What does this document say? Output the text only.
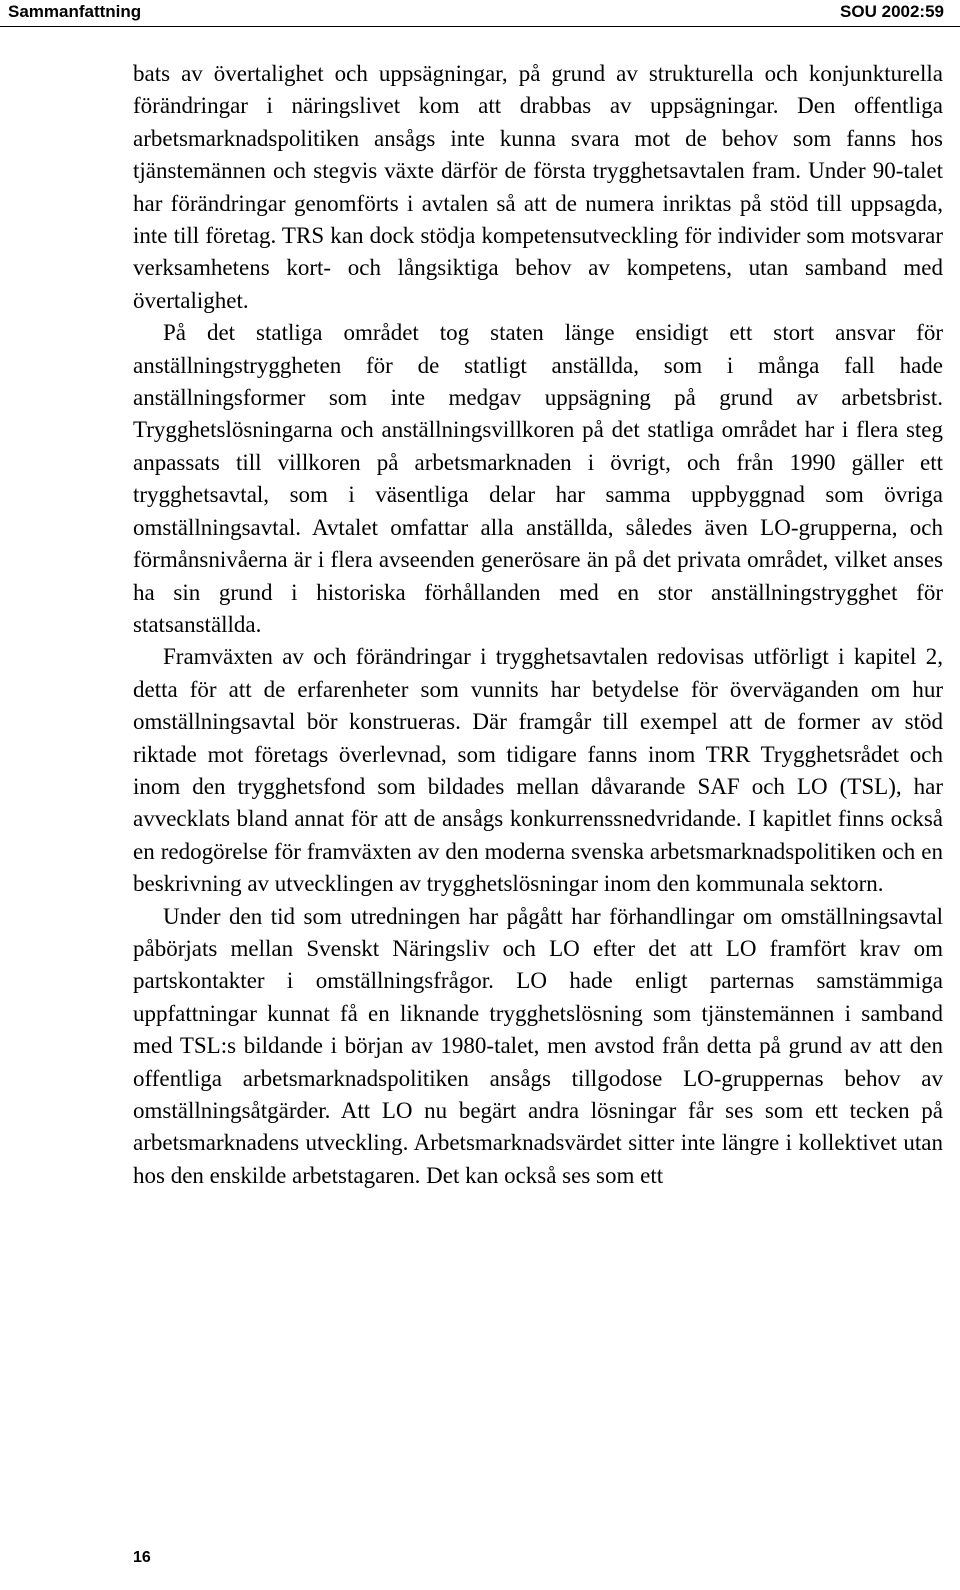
Sammanfattning	SOU 2002:59

bats av övertalighet och uppsägningar, på grund av strukturella och konjunkturella förändringar i näringslivet kom att drabbas av uppsägningar. Den offentliga arbetsmarknadspolitiken ansågs inte kunna svara mot de behov som fanns hos tjänstemännen och stegvis växte därför de första trygghetsavtalen fram. Under 90-talet har förändringar genomförts i avtalen så att de numera inriktas på stöd till uppsagda, inte till företag. TRS kan dock stödja kompetensutveckling för individer som motsvarar verksamhetens kort- och långsiktiga behov av kompetens, utan samband med övertalighet.

På det statliga området tog staten länge ensidigt ett stort ansvar för anställningstryggheten för de statligt anställda, som i många fall hade anställningsformer som inte medgav uppsägning på grund av arbetsbrist. Trygghetslösningarna och anställningsvillkoren på det statliga området har i flera steg anpassats till villkoren på arbetsmarknaden i övrigt, och från 1990 gäller ett trygghetsavtal, som i väsentliga delar har samma uppbyggnad som övriga omställningsavtal. Avtalet omfattar alla anställda, således även LO-grupperna, och förmånsnivåerna är i flera avseenden generösare än på det privata området, vilket anses ha sin grund i historiska förhållanden med en stor anställningstrygghet för statsanställda.

Framväxten av och förändringar i trygghetsavtalen redovisas utförligt i kapitel 2, detta för att de erfarenheter som vunnits har betydelse för överväganden om hur omställningsavtal bör konstrueras. Där framgår till exempel att de former av stöd riktade mot företags överlevnad, som tidigare fanns inom TRR Trygghetsrådet och inom den trygghetsfond som bildades mellan dåvarande SAF och LO (TSL), har avvecklats bland annat för att de ansågs konkurrenssnedvridande. I kapitlet finns också en redogörelse för framväxten av den moderna svenska arbetsmarknadspolitiken och en beskrivning av utvecklingen av trygghetslösningar inom den kommunala sektorn.

Under den tid som utredningen har pågått har förhandlingar om omställningsavtal påbörjats mellan Svenskt Näringsliv och LO efter det att LO framfört krav om partskontakter i omställningsfrågor. LO hade enligt parternas samstämmiga uppfattningar kunnat få en liknande trygghetslösning som tjänstemännen i samband med TSL:s bildande i början av 1980-talet, men avstod från detta på grund av att den offentliga arbetsmarknadspolitiken ansågs tillgodose LO-gruppernas behov av omställningsåtgärder. Att LO nu begärt andra lösningar får ses som ett tecken på arbetsmarknadens utveckling. Arbetsmarknadsvärdet sitter inte längre i kollektivet utan hos den enskilde arbetstagaren. Det kan också ses som ett

16
